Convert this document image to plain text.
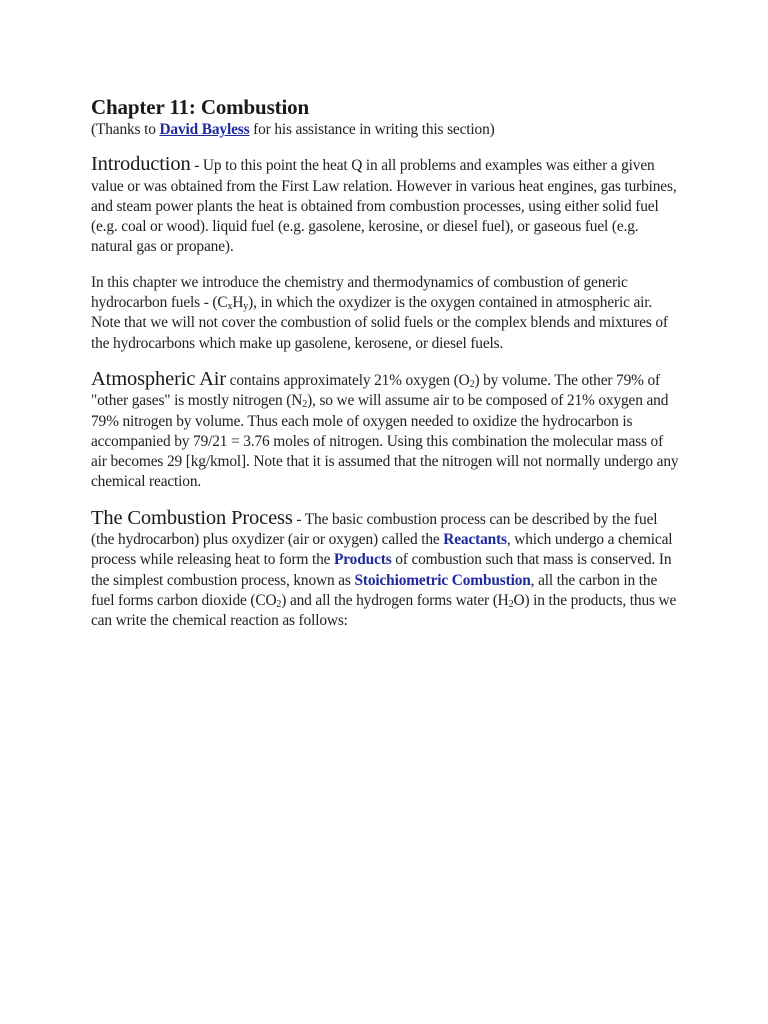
Chapter 11: Combustion

(Thanks to David Bayless for his assistance in writing this section)

Introduction - Up to this point the heat Q in all problems and examples was either a given value or was obtained from the First Law relation. However in various heat engines, gas turbines, and steam power plants the heat is obtained from combustion processes, using either solid fuel (e.g. coal or wood). liquid fuel (e.g. gasolene, kerosine, or diesel fuel), or gaseous fuel (e.g. natural gas or propane).

In this chapter we introduce the chemistry and thermodynamics of combustion of generic hydrocarbon fuels - $(C_xH_y)$, in which the oxydizer is the oxygen contained in atmospheric air. Note that we will not cover the combustion of solid fuels or the complex blends and mixtures of the hydrocarbons which make up gasolene, kerosene, or diesel fuels.

Atmospheric Air contains approximately 21% oxygen $(O_2)$ by volume. The other 79% of "other gases" is mostly nitrogen $(N_2)$, so we will assume air to be composed of 21% oxygen and 79% nitrogen by volume. Thus each mole of oxygen needed to oxidize the hydrocarbon is accompanied by 79/21 = 3.76 moles of nitrogen. Using this combination the molecular mass of air becomes 29 [kg/kmol]. Note that it is assumed that the nitrogen will not normally undergo any chemical reaction.

The Combustion Process - The basic combustion process can be described by the fuel (the hydrocarbon) plus oxydizer (air or oxygen) called the Reactants, which undergo a chemical process while releasing heat to form the Products of combustion such that mass is conserved. In the simplest combustion process, known as Stoichiometric Combustion, all the carbon in the fuel forms carbon dioxide $(CO_2)$ and all the hydrogen forms water $(H_2O)$ in the products, thus we can write the chemical reaction as follows:
